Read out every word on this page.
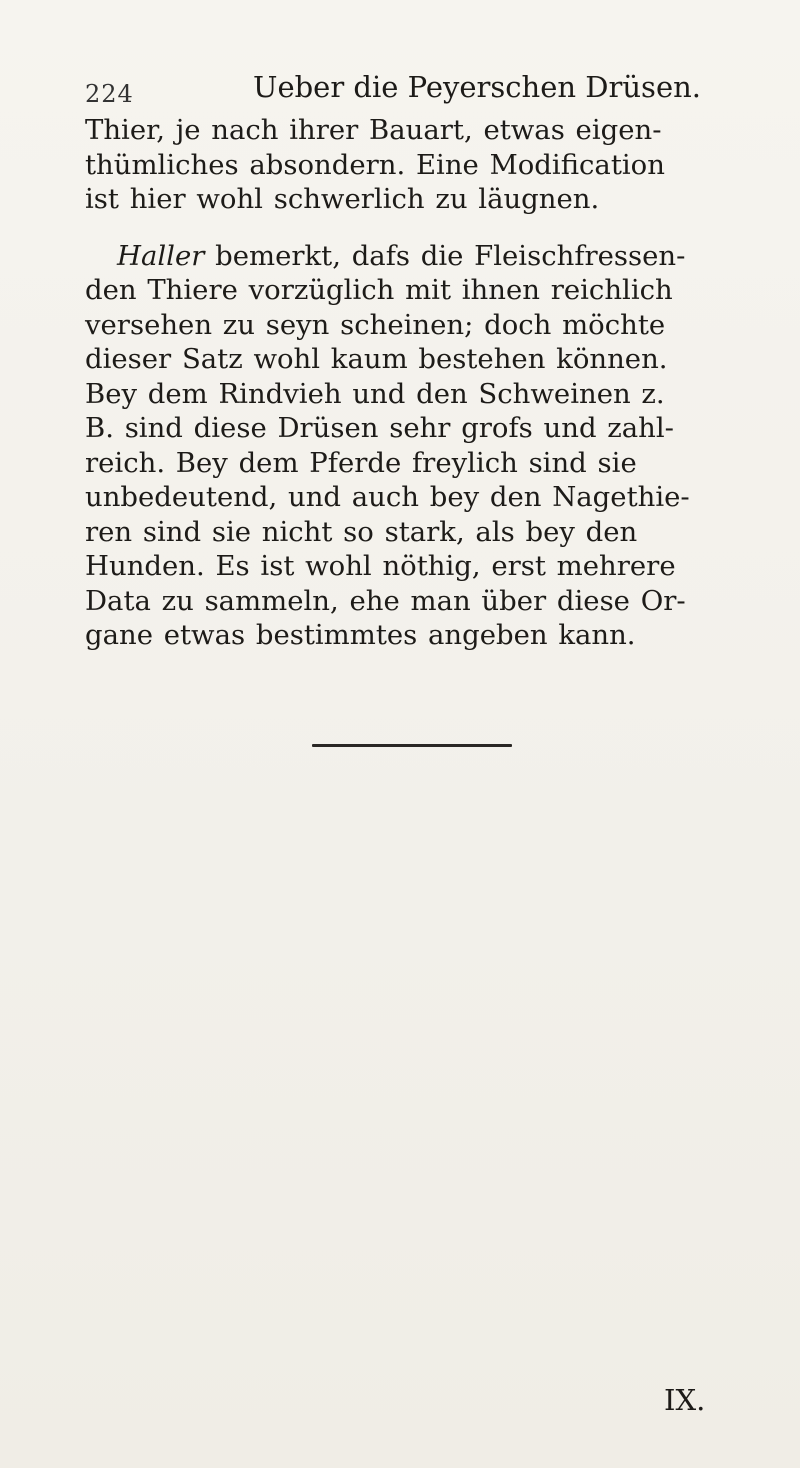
224	Ueber die Peyerschen Drüsen.

Thier, je nach ihrer Bauart, etwas eigen-
thümliches absondern. Eine Modification
ist hier wohl schwerlich zu läugnen.

Haller bemerkt, dafs die Fleischfressen-
den Thiere vorzüglich mit ihnen reichlich
versehen zu seyn scheinen; doch möchte
dieser Satz wohl kaum bestehen können.
Bey dem Rindvieh und den Schweinen z.
B. sind diese Drüsen sehr grofs und zahl-
reich. Bey dem Pferde freylich sind sie
unbedeutend, und auch bey den Nagethie-
ren sind sie nicht so stark, als bey den
Hunden. Es ist wohl nöthig, erst mehrere
Data zu sammeln, ehe man über diese Or-
gane etwas bestimmtes angeben kann.

IX.
